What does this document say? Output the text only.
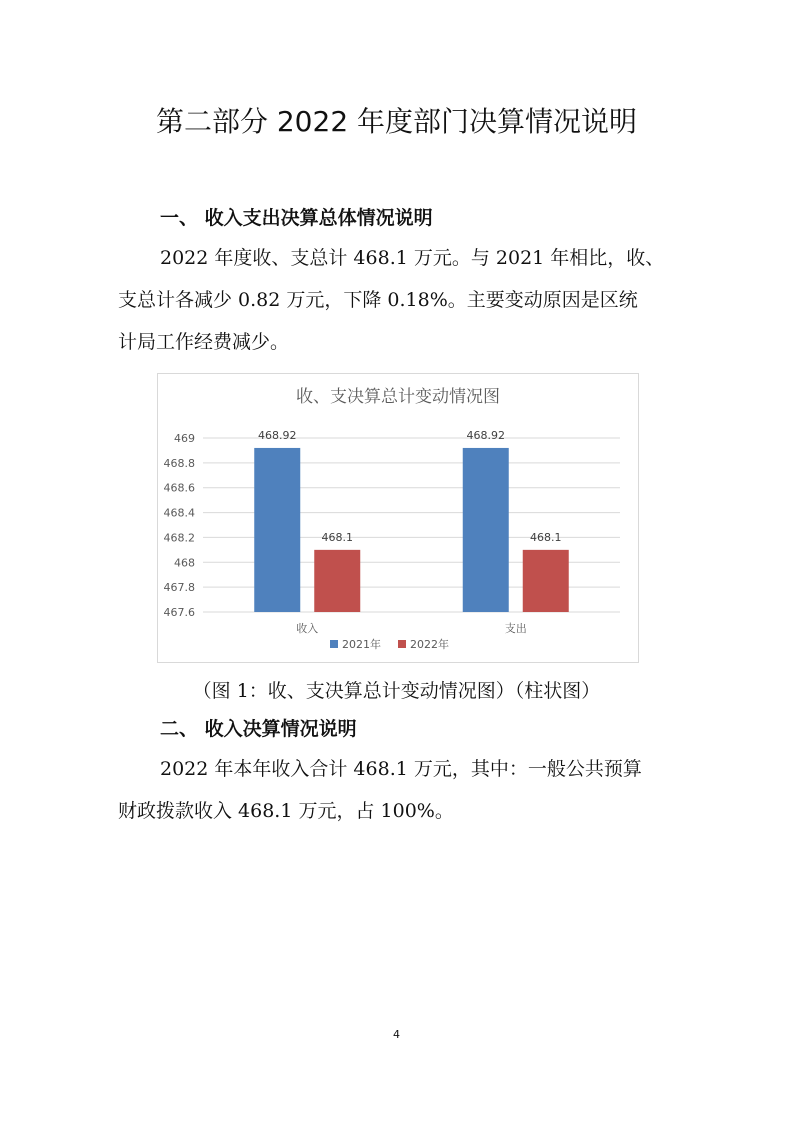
第二部分 2022 年度部门决算情况说明
一、 收入支出决算总体情况说明
2022 年度收、支总计 468.1 万元。与 2021 年相比，收、
支总计各减少 0.82 万元，下降 0.18%。主要变动原因是区统
计局工作经费减少。
收、支决算总计变动情况图
469
468.8
468.6
468.4
468.2
468
467.8
467.6
468.92
468.1
468.92
468.1
收入	支出
2021年	2022年
（图 1：收、支决算总计变动情况图）（柱状图）
二、 收入决算情况说明
2022 年本年收入合计 468.1 万元，其中：一般公共预算
财政拨款收入 468.1 万元，占 100%。
4
